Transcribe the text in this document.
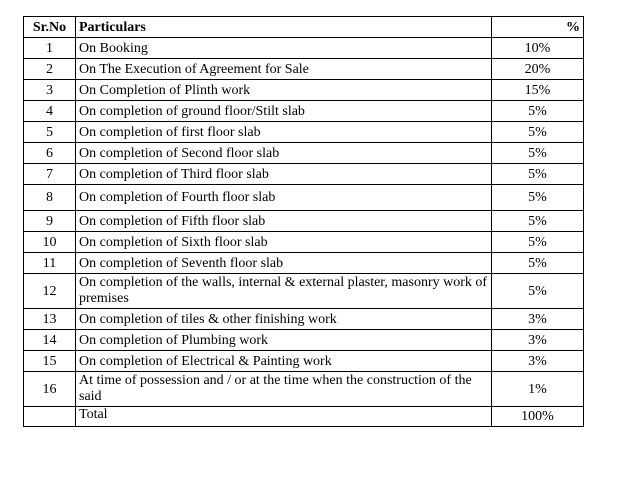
Sr.No	Particulars	%
1	On Booking	10%
2	On The Execution of Agreement for Sale	20%
3	On Completion of Plinth work	15%
4	On completion of ground floor/Stilt slab	5%
5	On completion of first floor slab	5%
6	On completion of Second floor slab	5%
7	On completion of Third floor slab	5%
8	On completion of Fourth floor slab	5%
9	On completion of Fifth floor slab	5%
10	On completion of Sixth floor slab	5%
11	On completion of Seventh floor slab	5%
12	On completion of the walls, internal & external plaster, masonry work of premises	5%
13	On completion of tiles & other finishing work	3%
14	On completion of Plumbing work	3%
15	On completion of Electrical & Painting work	3%
16	At time of possession and / or at the time when the construction of the said	1%
	Total	100%
